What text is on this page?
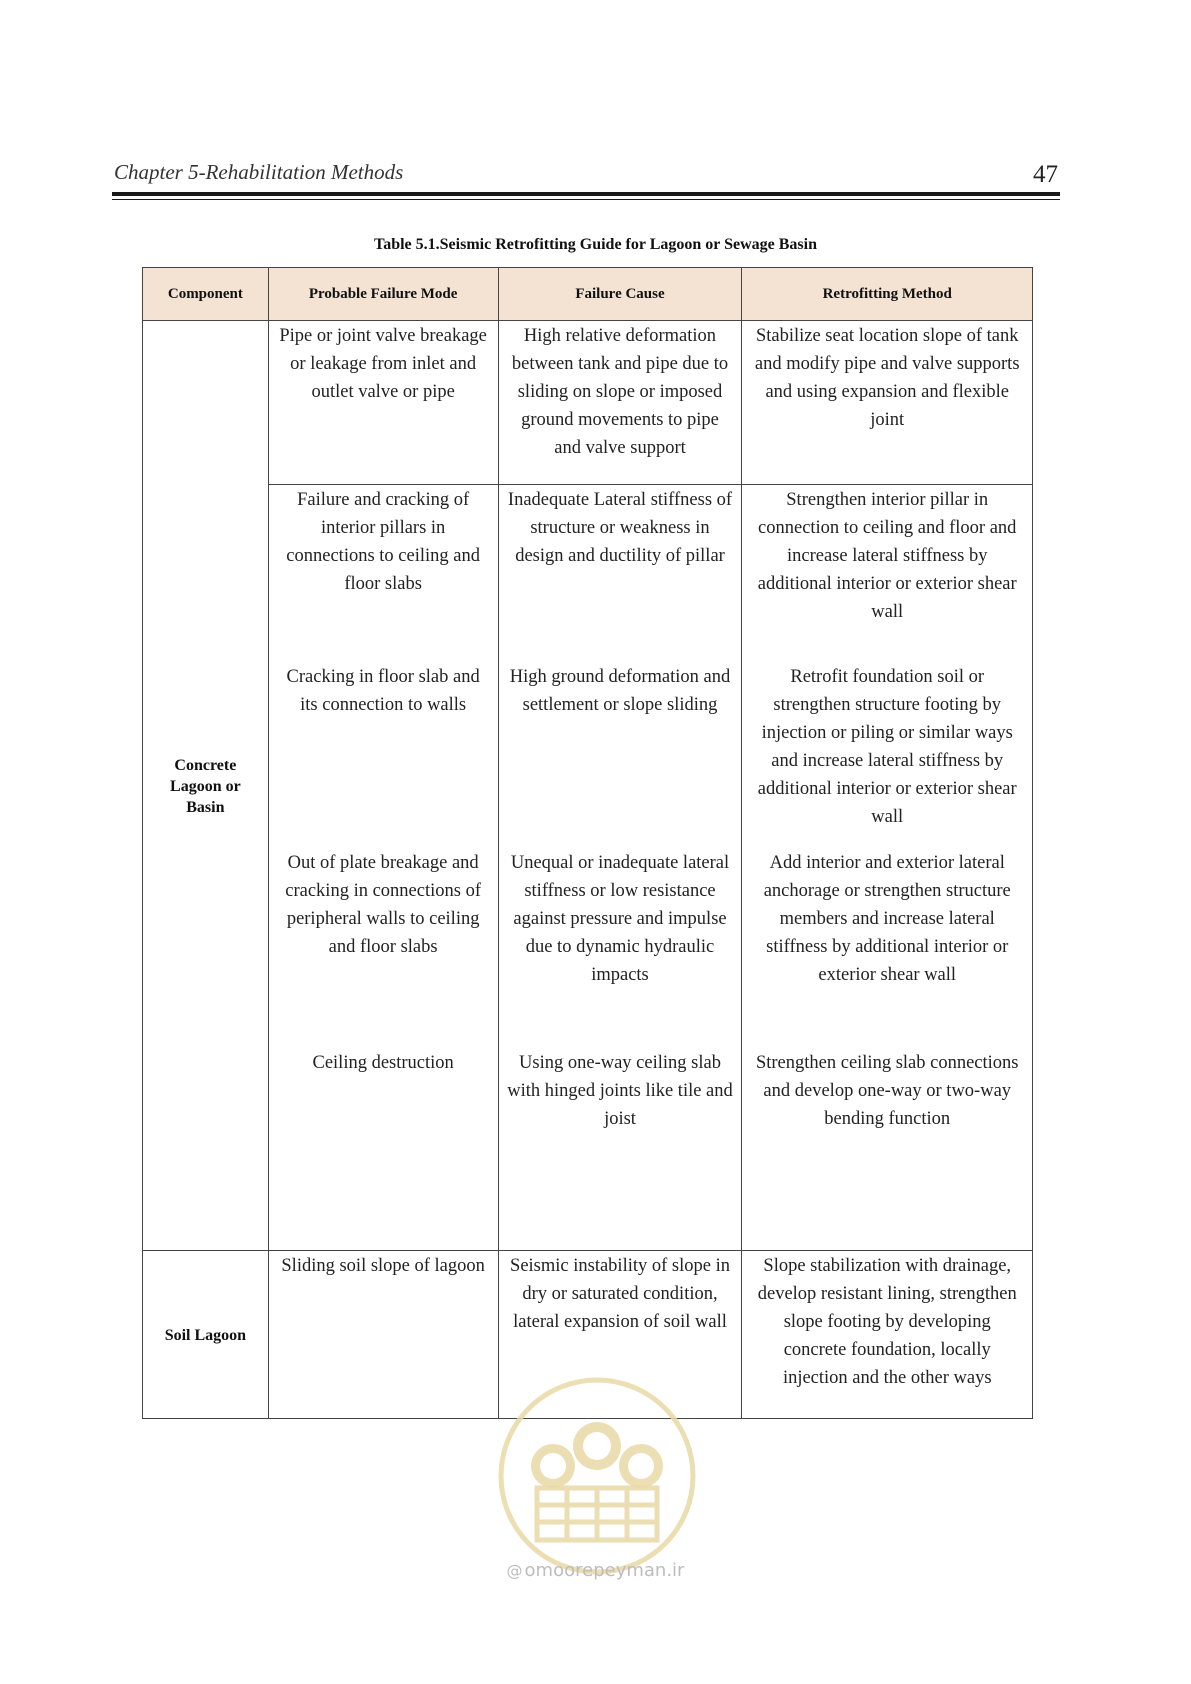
Chapter 5-Rehabilitation Methods	47
Table 5.1.Seismic Retrofitting Guide for Lagoon or Sewage Basin
Component	Probable Failure Mode	Failure Cause	Retrofitting Method
Concrete Lagoon or Basin	Pipe or joint valve breakage or leakage from inlet and outlet valve or pipe	High relative deformation between tank and pipe due to sliding on slope or imposed ground movements to pipe and valve support	Stabilize seat location slope of tank and modify pipe and valve supports and using expansion and flexible joint
	Failure and cracking of interior pillars in connections to ceiling and floor slabs	Inadequate Lateral stiffness of structure or weakness in design and ductility of pillar	Strengthen interior pillar in connection to ceiling and floor and increase lateral stiffness by additional interior or exterior shear wall
	Cracking in floor slab and its connection to walls	High ground deformation and settlement or slope sliding	Retrofit foundation soil or strengthen structure footing by injection or piling or similar ways and increase lateral stiffness by additional interior or exterior shear wall
	Out of plate breakage and cracking in connections of peripheral walls to ceiling and floor slabs	Unequal or inadequate lateral stiffness or low resistance against pressure and impulse due to dynamic hydraulic impacts	Add interior and exterior lateral anchorage or strengthen structure members and increase lateral stiffness by additional interior or exterior shear wall
	Ceiling destruction	Using one-way ceiling slab with hinged joints like tile and joist	Strengthen ceiling slab connections and develop one-way or two-way bending function
Soil Lagoon	Sliding soil slope of lagoon	Seismic instability of slope in dry or saturated condition, lateral expansion of soil wall	Slope stabilization with drainage, develop resistant lining, strengthen slope footing by developing concrete foundation, locally injection and the other ways
@ omoorepeyman.ir
